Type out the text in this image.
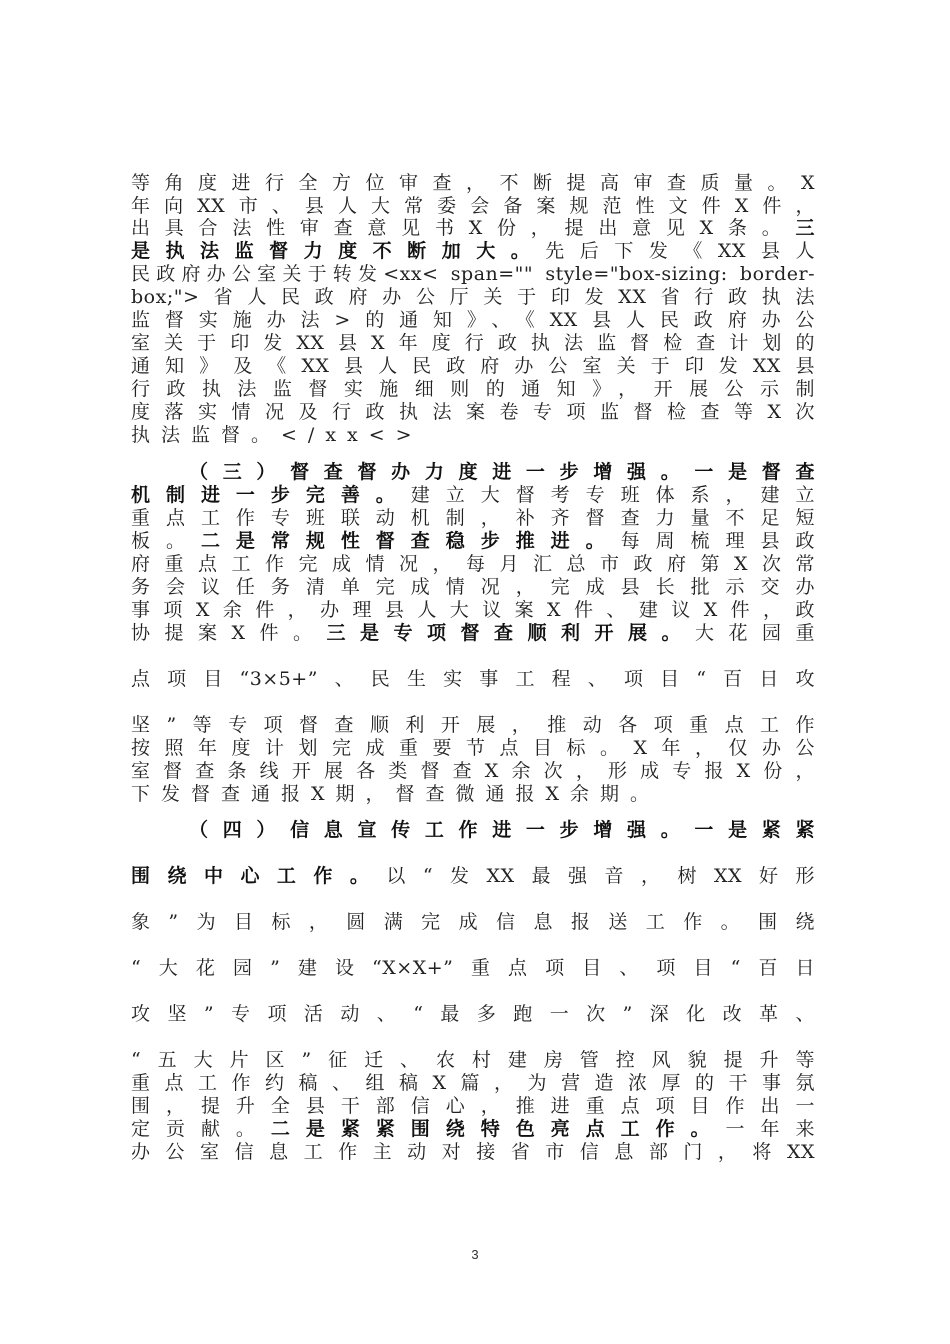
等角度进行全方位审查，不断提高审查质量。X
年向XX市、县人大常委会备案规范性文件X件，
出具合法性审查意见书X份，提出意见X条。三
是执法监督力度不断加大。先后下发《XX县人
民政府办公室关于转发<xx< span="" style="box-sizing: border-
box;">省人民政府办公厅关于印发XX省行政执法
监督实施办法>的通知》、《XX县人民政府办公
室关于印发XX县X年度行政执法监督检查计划的
通知》及《XX县人民政府办公室关于印发XX县
行政执法监督实施细则的通知》，开展公示制
度落实情况及行政执法案卷专项监督检查等X次
执法监督。</xx<>
（三）督查督办力度进一步增强。一是督查
机制进一步完善。建立大督考专班体系，建立
重点工作专班联动机制，补齐督查力量不足短
板。二是常规性督查稳步推进。每周梳理县政
府重点工作完成情况，每月汇总市政府第X次常
务会议任务清单完成情况，完成县长批示交办
事项X余件，办理县人大议案X件、建议X件，政
协提案X件。三是专项督查顺利开展。大花园重
点项目“3×5+”、民生实事工程、项目“百日攻
坚”等专项督查顺利开展，推动各项重点工作
按照年度计划完成重要节点目标。X年，仅办公
室督查条线开展各类督查X余次，形成专报X份，
下发督查通报X期，督查微通报X余期。
（四）信息宣传工作进一步增强。一是紧紧
围绕中心工作。以“发XX最强音，树XX好形
象”为目标，圆满完成信息报送工作。围绕
“大花园”建设“X×X+”重点项目、项目“百日
攻坚”专项活动、“最多跑一次”深化改革、
“五大片区”征迁、农村建房管控风貌提升等
重点工作约稿、组稿X篇，为营造浓厚的干事氛
围，提升全县干部信心，推进重点项目作出一
定贡献。二是紧紧围绕特色亮点工作。一年来
办公室信息工作主动对接省市信息部门，将XX
3
